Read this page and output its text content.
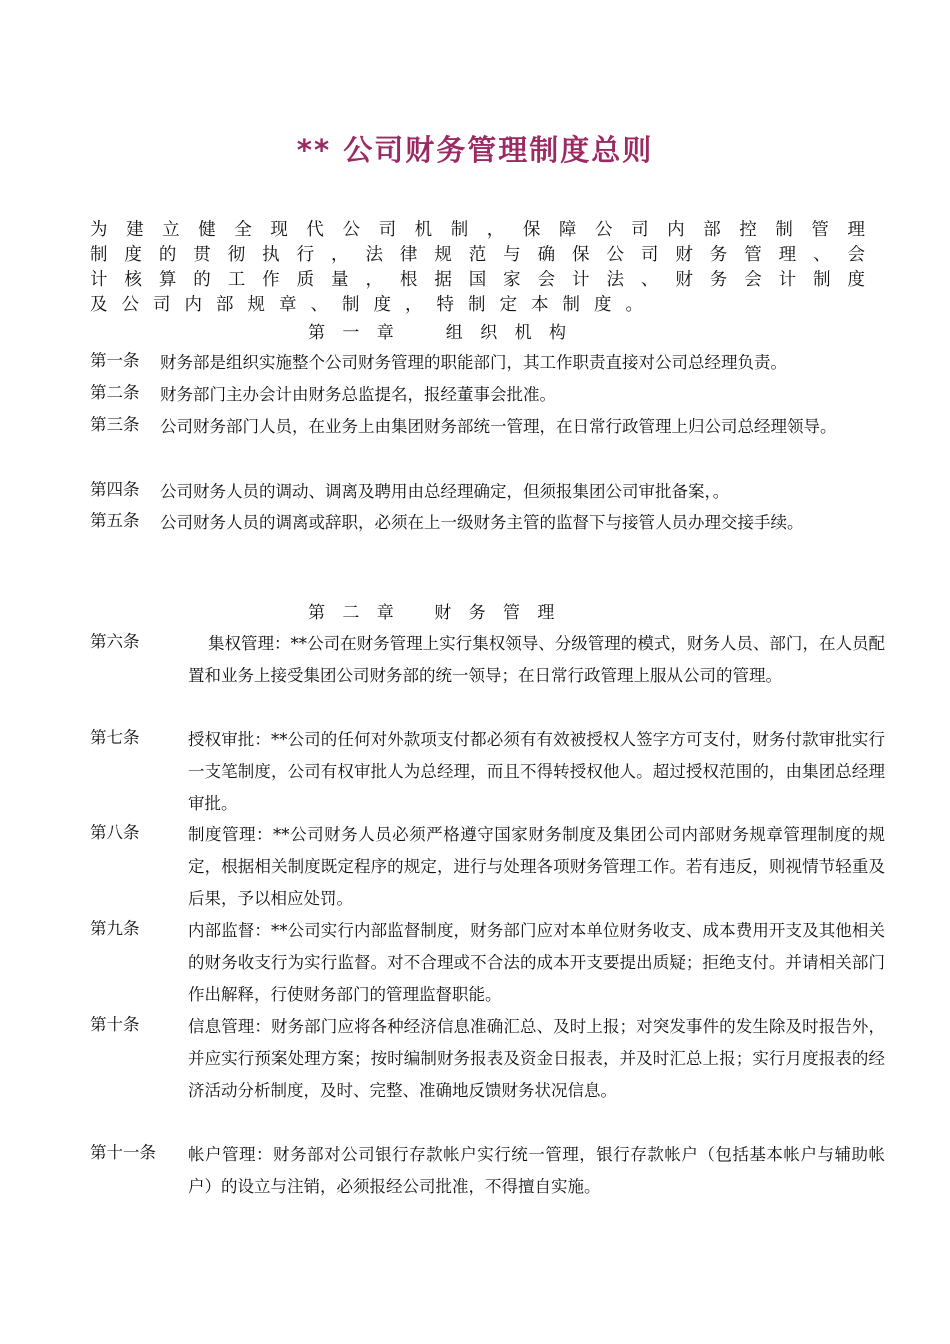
** 公司财务管理制度总则
为建立健全现代公司机制，保障公司内部控制管理
制度的贯彻执行，法律规范与确保公司财务管理、会
计核算的工作质量，根据国家会计法、财务会计制度
及公司内部规章、制度，特制定本制度。
第 一 章　　组 织 机 构
第一条 财务部是组织实施整个公司财务管理的职能部门，其工作职责直接对公司总经理负责。
第二条 财务部门主办会计由财务总监提名，报经董事会批准。
第三条 公司财务部门人员，在业务上由集团财务部统一管理，在日常行政管理上归公司总经理领导。
第四条 公司财务人员的调动、调离及聘用由总经理确定，但须报集团公司审批备案，。
第五条 公司财务人员的调离或辞职，必须在上一级财务主管的监督下与接管人员办理交接手续。
第 二 章　 财 务 管 理
第六条	集权管理：**公司在财务管理上实行集权领导、分级管理的模式，财务人员、部门，在人员配置和业务上接受集团公司财务部的统一领导；在日常行政管理上服从公司的管理。
第七条	授权审批：**公司的任何对外款项支付都必须有有效被授权人签字方可支付，财务付款审批实行一支笔制度，公司有权审批人为总经理，而且不得转授权他人。超过授权范围的，由集团总经理审批。
第八条	制度管理：**公司财务人员必须严格遵守国家财务制度及集团公司内部财务规章管理制度的规定，根据相关制度既定程序的规定，进行与处理各项财务管理工作。若有违反，则视情节轻重及后果，予以相应处罚。
第九条	内部监督：**公司实行内部监督制度，财务部门应对本单位财务收支、成本费用开支及其他相关的财务收支行为实行监督。对不合理或不合法的成本开支要提出质疑；拒绝支付。并请相关部门作出解释，行使财务部门的管理监督职能。
第十条	信息管理：财务部门应将各种经济信息准确汇总、及时上报；对突发事件的发生除及时报告外，并应实行预案处理方案；按时编制财务报表及资金日报表，并及时汇总上报；实行月度报表的经济活动分析制度，及时、完整、准确地反馈财务状况信息。
第十一条 帐户管理：财务部对公司银行存款帐户实行统一管理，银行存款帐户（包括基本帐户与辅助帐户）的设立与注销，必须报经公司批准，不得擅自实施。
